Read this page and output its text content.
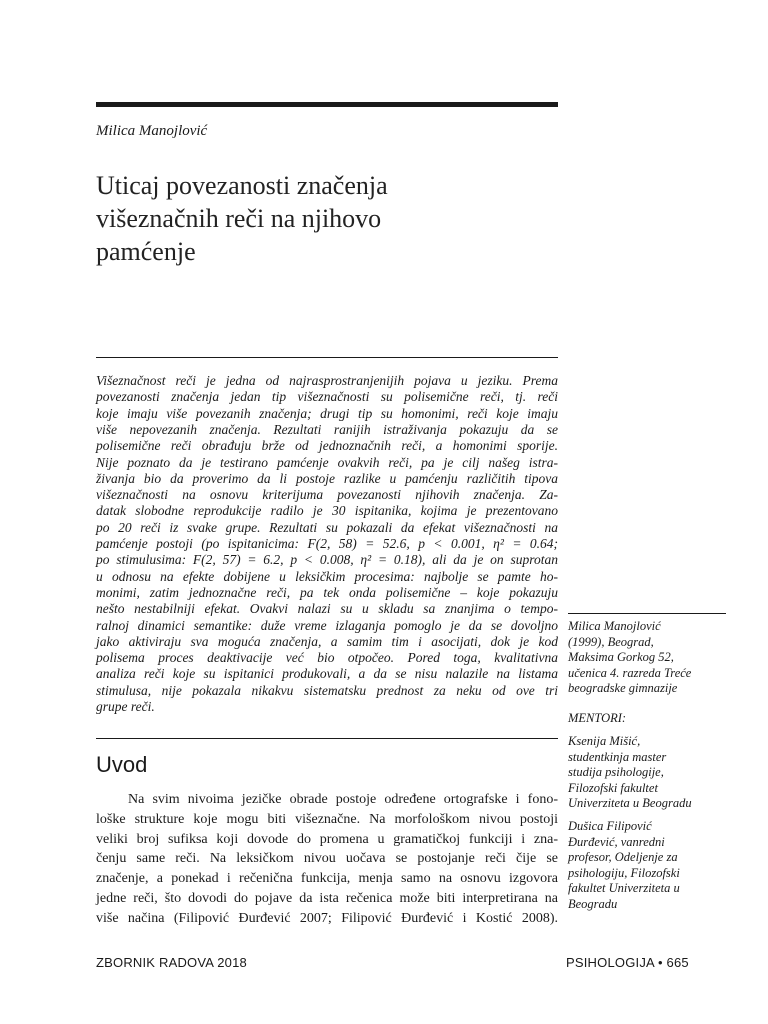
Milica Manojlović
Uticaj povezanosti značenja
višeznačnih reči na njihovo
pamćenje
Višeznačnost reči je jedna od najrasprostranjenijih pojava u jeziku. Prema
povezanosti značenja jedan tip višeznačnosti su polisemične reči, tj. reči
koje imaju više povezanih značenja; drugi tip su homonimi, reči koje imaju
više nepovezanih značenja. Rezultati ranijih istraživanja pokazuju da se
polisemične reči obrađuju brže od jednoznačnih reči, a homonimi sporije.
Nije poznato da je testirano pamćenje ovakvih reči, pa je cilj našeg istra-
živanja bio da proverimo da li postoje razlike u pamćenju različitih tipova
višeznačnosti na osnovu kriterijuma povezanosti njihovih značenja. Za-
datak slobodne reprodukcije radilo je 30 ispitanika, kojima je prezentovano
po 20 reči iz svake grupe. Rezultati su pokazali da efekat višeznačnosti na
pamćenje postoji (po ispitanicima: F(2, 58) = 52.6, p < 0.001, η² = 0.64;
po stimulusima: F(2, 57) = 6.2, p < 0.008, η² = 0.18), ali da je on suprotan
u odnosu na efekte dobijene u leksičkim procesima: najbolje se pamte ho-
monimi, zatim jednoznačne reči, pa tek onda polisemične – koje pokazuju
nešto nestabilniji efekat. Ovakvi nalazi su u skladu sa znanjima o tempo-
ralnoj dinamici semantike: duže vreme izlaganja pomoglo je da se dovoljno
jako aktiviraju sva moguća značenja, a samim tim i asocijati, dok je kod
polisema proces deaktivacije već bio otpočeo. Pored toga, kvalitativna
analiza reči koje su ispitanici produkovali, a da se nisu nalazile na listama
stimulusa, nije pokazala nikakvu sistematsku prednost za neku od ove tri
grupe reči.
Uvod
Na svim nivoima jezičke obrade postoje određene ortografske i fono-
loške strukture koje mogu biti višeznačne. Na morfološkom nivou postoji
veliki broj sufiksa koji dovode do promena u gramatičkoj funkciji i zna-
čenju same reči. Na leksičkom nivou uočava se postojanje reči čije se
značenje, a ponekad i rečenična funkcija, menja samo na osnovu izgovora
jedne reči, što dovodi do pojave da ista rečenica može biti interpretirana na
više načina (Filipović Đurđević 2007; Filipović Đurđević i Kostić 2008).
Milica Manojlović
(1999), Beograd,
Maksima Gorkog 52,
učenica 4. razreda Treće
beogradske gimnazije
MENTORI:
Ksenija Mišić,
studentkinja master
studija psihologije,
Filozofski fakultet
Univerziteta u Beogradu
Dušica Filipović
Đurđević, vanredni
profesor, Odeljenje za
psihologiju, Filozofski
fakultet Univerziteta u
Beogradu
ZBORNIK RADOVA 2018	PSIHOLOGIJA • 665
